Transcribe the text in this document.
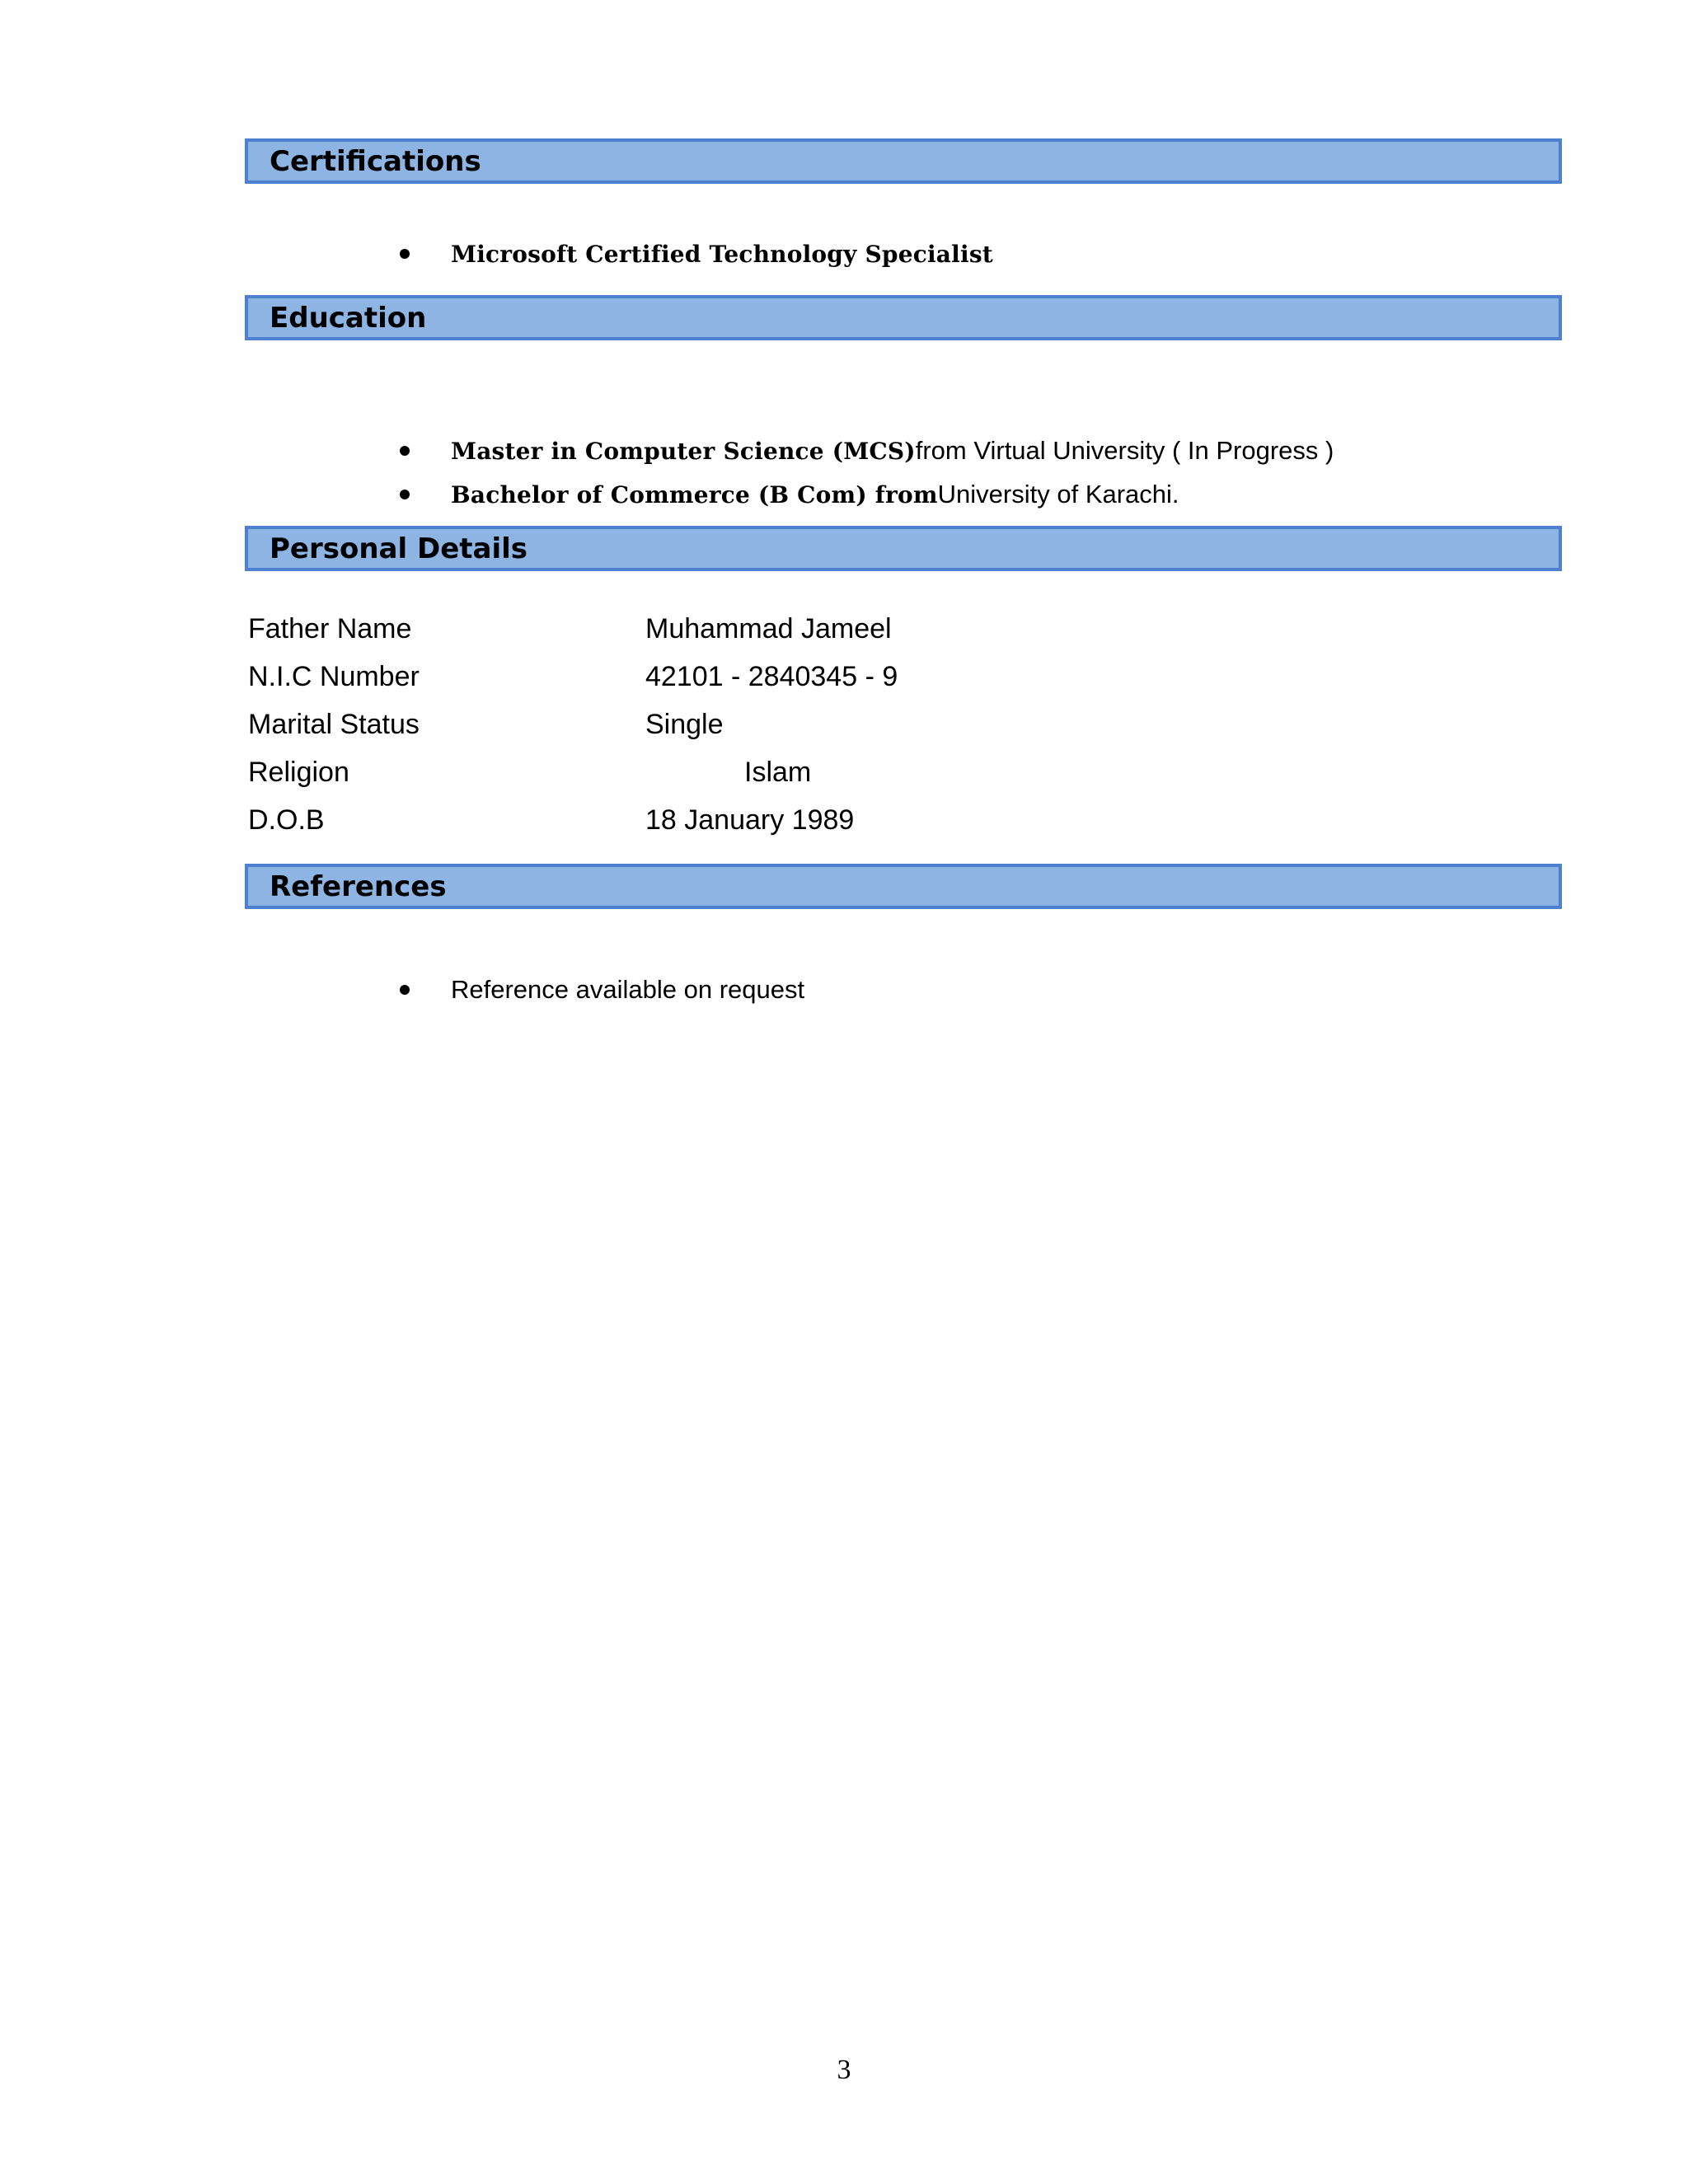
Certifications
Microsoft Certified Technology Specialist
Education
Master in Computer Science (MCS) from Virtual University ( In Progress )
Bachelor of Commerce (B Com) from University of Karachi.
Personal Details
Father Name	Muhammad Jameel
N.I.C Number	42101 - 2840345 - 9
Marital Status	Single
Religion	Islam
D.O.B	18 January 1989
References
Reference available on request
3
